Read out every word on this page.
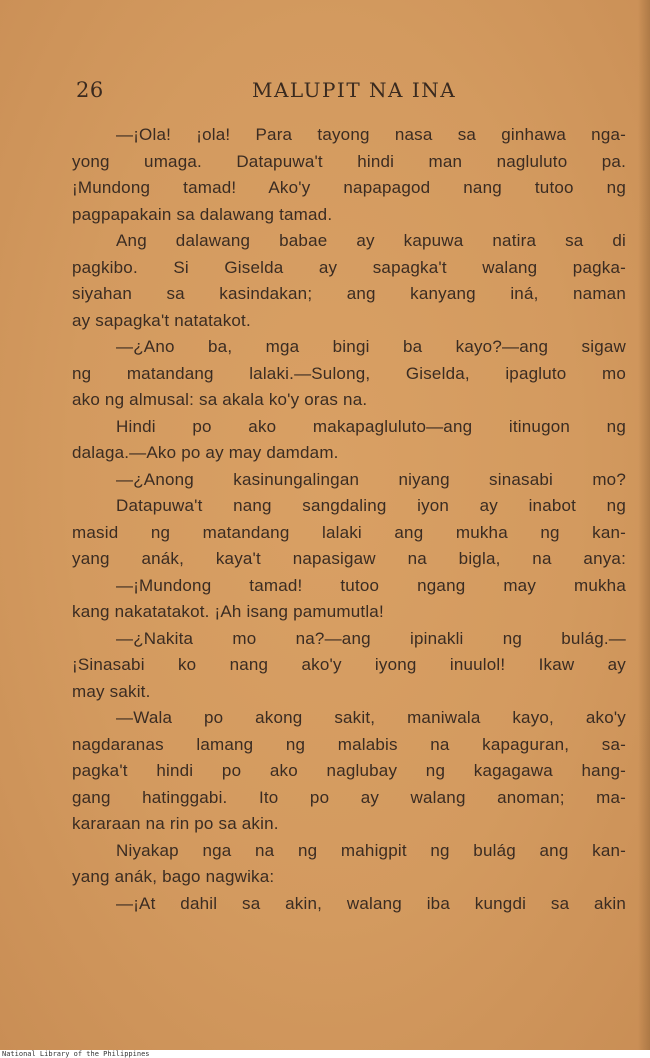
26	MALUPIT NA INA
—¡Ola! ¡ola! Para tayong nasa sa ginhawa nga-
yong umaga. Datapuwa't hindi man nagluluto pa.
¡Mundong tamad! Ako'y napapagod nang tutoo ng
pagpapakain sa dalawang tamad.
Ang dalawang babae ay kapuwa natira sa di
pagkibo. Si Giselda ay sapagka't walang pagka-
siyahan sa kasindakan; ang kanyang iná, naman
ay sapagka't natatakot.
—¿Ano ba, mga bingi ba kayo?—ang sigaw
ng matandang lalaki.—Sulong, Giselda, ipagluto mo
ako ng almusal: sa akala ko'y oras na.
Hindi po ako makapagluluto—ang itinugon ng
dalaga.—Ako po ay may damdam.
—¿Anong kasinungalingan niyang sinasabi mo?
Datapuwa't nang sangdaling iyon ay inabot ng
masid ng matandang lalaki ang mukha ng kan-
yang anák, kaya't napasigaw na bigla, na anya:
—¡Mundong tamad! tutoo ngang may mukha
kang nakatatakot. ¡Ah isang pamumutla!
—¿Nakita mo na?—ang ipinakli ng bulág.—
¡Sinasabi ko nang ako'y iyong inuulol! Ikaw ay
may sakit.
—Wala po akong sakit, maniwala kayo, ako'y
nagdaranas lamang ng malabis na kapaguran, sa-
pagka't hindi po ako naglubay ng kagagawa hang-
gang hatinggabi. Ito po ay walang anoman; ma-
kararaan na rin po sa akin.
Niyakap nga na ng mahigpit ng bulág ang kan-
yang anák, bago nagwika:
—¡At dahil sa akin, walang iba kungdi sa akin
National Library of the Philippines
